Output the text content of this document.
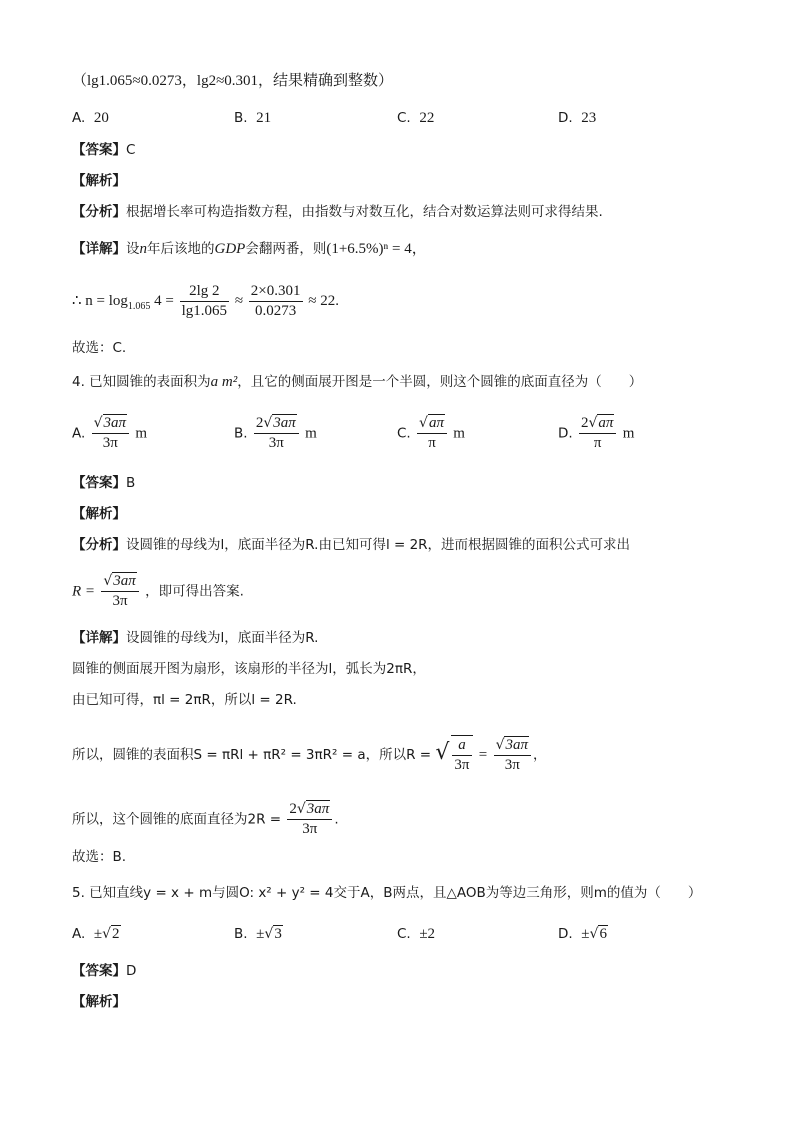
（lg1.065≈0.0273，lg2≈0.301，结果精确到整数）
A. 20	B. 21	C. 22	D. 23
【答案】C
【解析】
【分析】根据增长率可构造指数方程，由指数与对数互化，结合对数运算法则可求得结果.
【详解】设n年后该地的GDP会翻两番，则(1+6.5%)ⁿ = 4，
∴ $n = \log_{1.065} 4 = \frac{2\lg 2}{\lg 1.065} \approx \frac{2\times 0.301}{0.0273} \approx 22$.
故选：C.
4. 已知圆锥的表面积为a m²，且它的侧面展开图是一个半圆，则这个圆锥的底面直径为（　　）
A. $\frac{√3a\pi}{3\pi}$ m	B. $\frac{2√3a\pi}{3\pi}$ m	C. $\frac{√a\pi}{\pi}$ m	D. $\frac{2√a\pi}{\pi}$ m
【答案】B
【解析】
【分析】设圆锥的母线为l，底面半径为R.由已知可得l = 2R，进而根据圆锥的面积公式可求出
$R = \frac{√3a\pi}{3\pi}$ ，即可得出答案.
【详解】设圆锥的母线为l，底面半径为R.
圆锥的侧面展开图为扇形，该扇形的半径为l，弧长为2πR，
由已知可得，πl = 2πR，所以l = 2R.
所以，圆锥的表面积S = πRl + πR² = 3πR² = a，所以R = √ $\frac{a}{3\pi} = \frac{√3a\pi}{3\pi}$ ，
所以，这个圆锥的底面直径为$2R = \frac{2√3a\pi}{3\pi}$ .
故选：B.
5. 已知直线y = x + m与圆O: x² + y² = 4交于A，B两点，且△AOB为等边三角形，则m的值为（　　）
A. ±√2	B. ±√3	C. ±2	D. ±√6
【答案】D
【解析】
